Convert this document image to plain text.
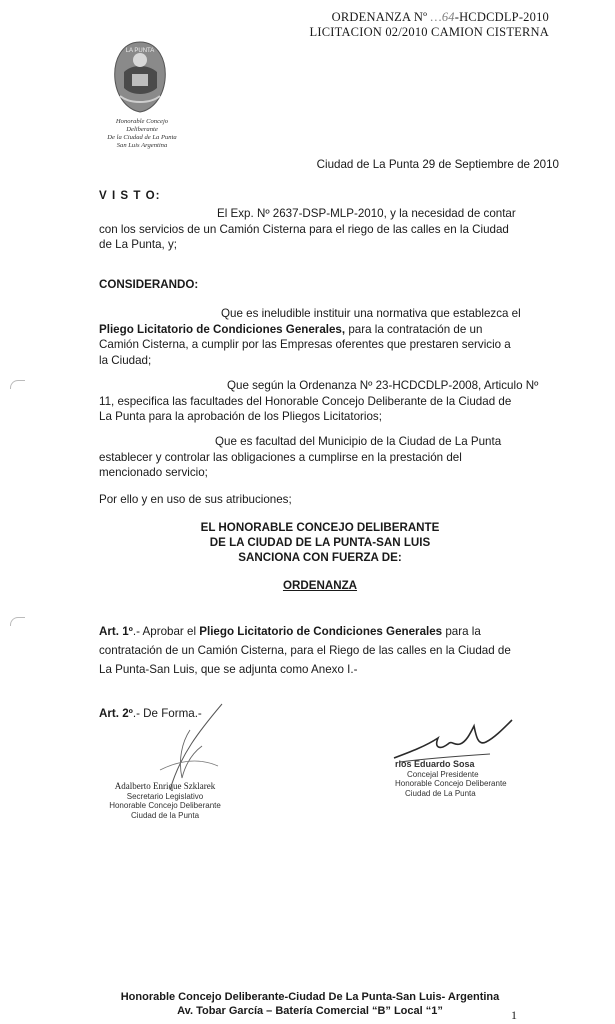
ORDENANZA Nº …64-HCDCDLP-2010
LICITACION 02/2010 CAMION CISTERNA
LA PUNTA
Honorable Concejo Deliberante
De la Ciudad de La Punta
San Luis Argentina
Ciudad de La Punta 29 de Septiembre de 2010
V I S T O:
El Exp. Nº 2637-DSP-MLP-2010, y la necesidad de contar
con los servicios de un Camión Cisterna para el riego de las calles en la Ciudad
de La Punta, y;
CONSIDERANDO:
Que es ineludible instituir una normativa que establezca el
Pliego Licitatorio de Condiciones Generales, para la contratación de un
Camión Cisterna, a cumplir por las Empresas oferentes que prestaren servicio a
la Ciudad;
Que según la Ordenanza Nº 23-HCDCDLP-2008, Articulo Nº
11, especifica las facultades del Honorable Concejo Deliberante de la Ciudad de
La Punta para la aprobación de los Pliegos Licitatorios;
Que es facultad del Municipio de la Ciudad de La Punta
establecer y controlar las obligaciones a cumplirse en la prestación del
mencionado servicio;
Por ello y en uso de sus atribuciones;
EL HONORABLE CONCEJO DELIBERANTE
DE LA CIUDAD DE LA PUNTA-SAN LUIS
SANCIONA CON FUERZA DE:
ORDENANZA
Art. 1º.- Aprobar el Pliego Licitatorio de Condiciones Generales para la
contratación de un Camión Cisterna, para el Riego de las calles en la Ciudad de
La Punta-San Luis, que se adjunta como Anexo I.-
Art. 2º.- De Forma.-
Adalberto Enrique Szklarek
Secretario Legislativo
Honorable Concejo Deliberante
Ciudad de la Punta
rlos Eduardo Sosa
Concejal Presidente
Honorable Concejo Deliberante
Ciudad de La Punta
Honorable Concejo Deliberante-Ciudad De La Punta-San Luis- Argentina
Av. Tobar García – Batería Comercial “B” Local “1”	1
